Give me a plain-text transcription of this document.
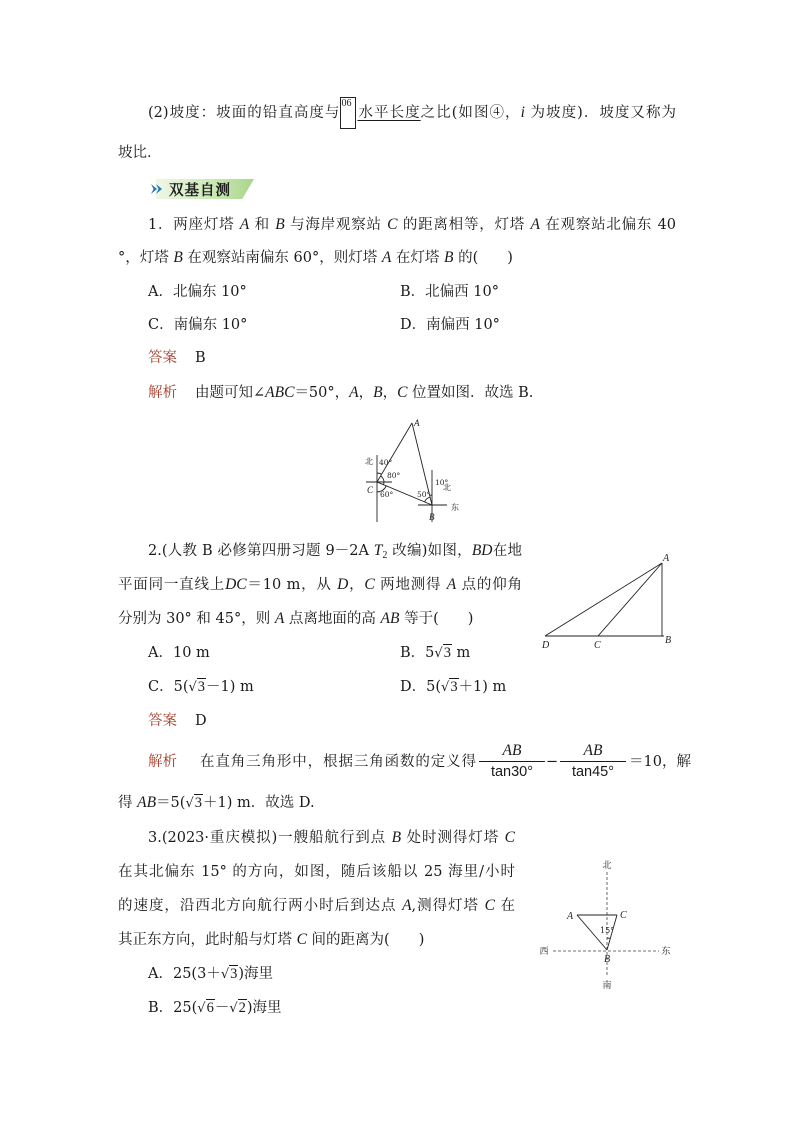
(2)坡度：坡面的铅直高度与
06
水平长度之比(如图④，i 为坡度)．坡度又称为
坡比．
双基自测
1．两座灯塔 A 和 B 与海岸观察站 C 的距离相等，灯塔 A 在观察站北偏东 40
°，灯塔 B 在观察站南偏东 60°，则灯塔 A 在灯塔 B 的(　　)
A．北偏东 10°	B．北偏西 10°
C．南偏东 10°	D．南偏西 10°
答案 B
解析 由题可知∠ABC＝50°，A，B，C 位置如图．故选 B.
A
北 40°
80°
C 60°
10°
北
50°
东
B
2.(人教 B 必修第四册习题 9－2A $T_2$ 改编)如图，BD在地
平面同一直线上DC＝10 m，从 D，C 两地测得 A 点的仰角
分别为 30° 和 45°，则 A 点离地面的高 AB 等于(　　)
A
D	C	B
A．10 m	B．5√3 m
C．5(√3－1) m	D．5(√3＋1) m
答案 D
解析 在直角三角形中，根据三角函数的定义得
AB
tan30°
−
AB
tan45°
＝10，解
得 AB＝5(√3＋1) m．故选 D.
3.(2023·重庆模拟)一艘船航行到点 B 处时测得灯塔 C
在其北偏东 15° 的方向，如图，随后该船以 25 海里/小时
的速度，沿西北方向航行两小时后到达点 A,测得灯塔 C 在
其正东方向，此时船与灯塔 C 间的距离为(　　)
北
南
西	东
A	C
B
15°
A．25(3＋√3)海里
B．25(√6－√2)海里
